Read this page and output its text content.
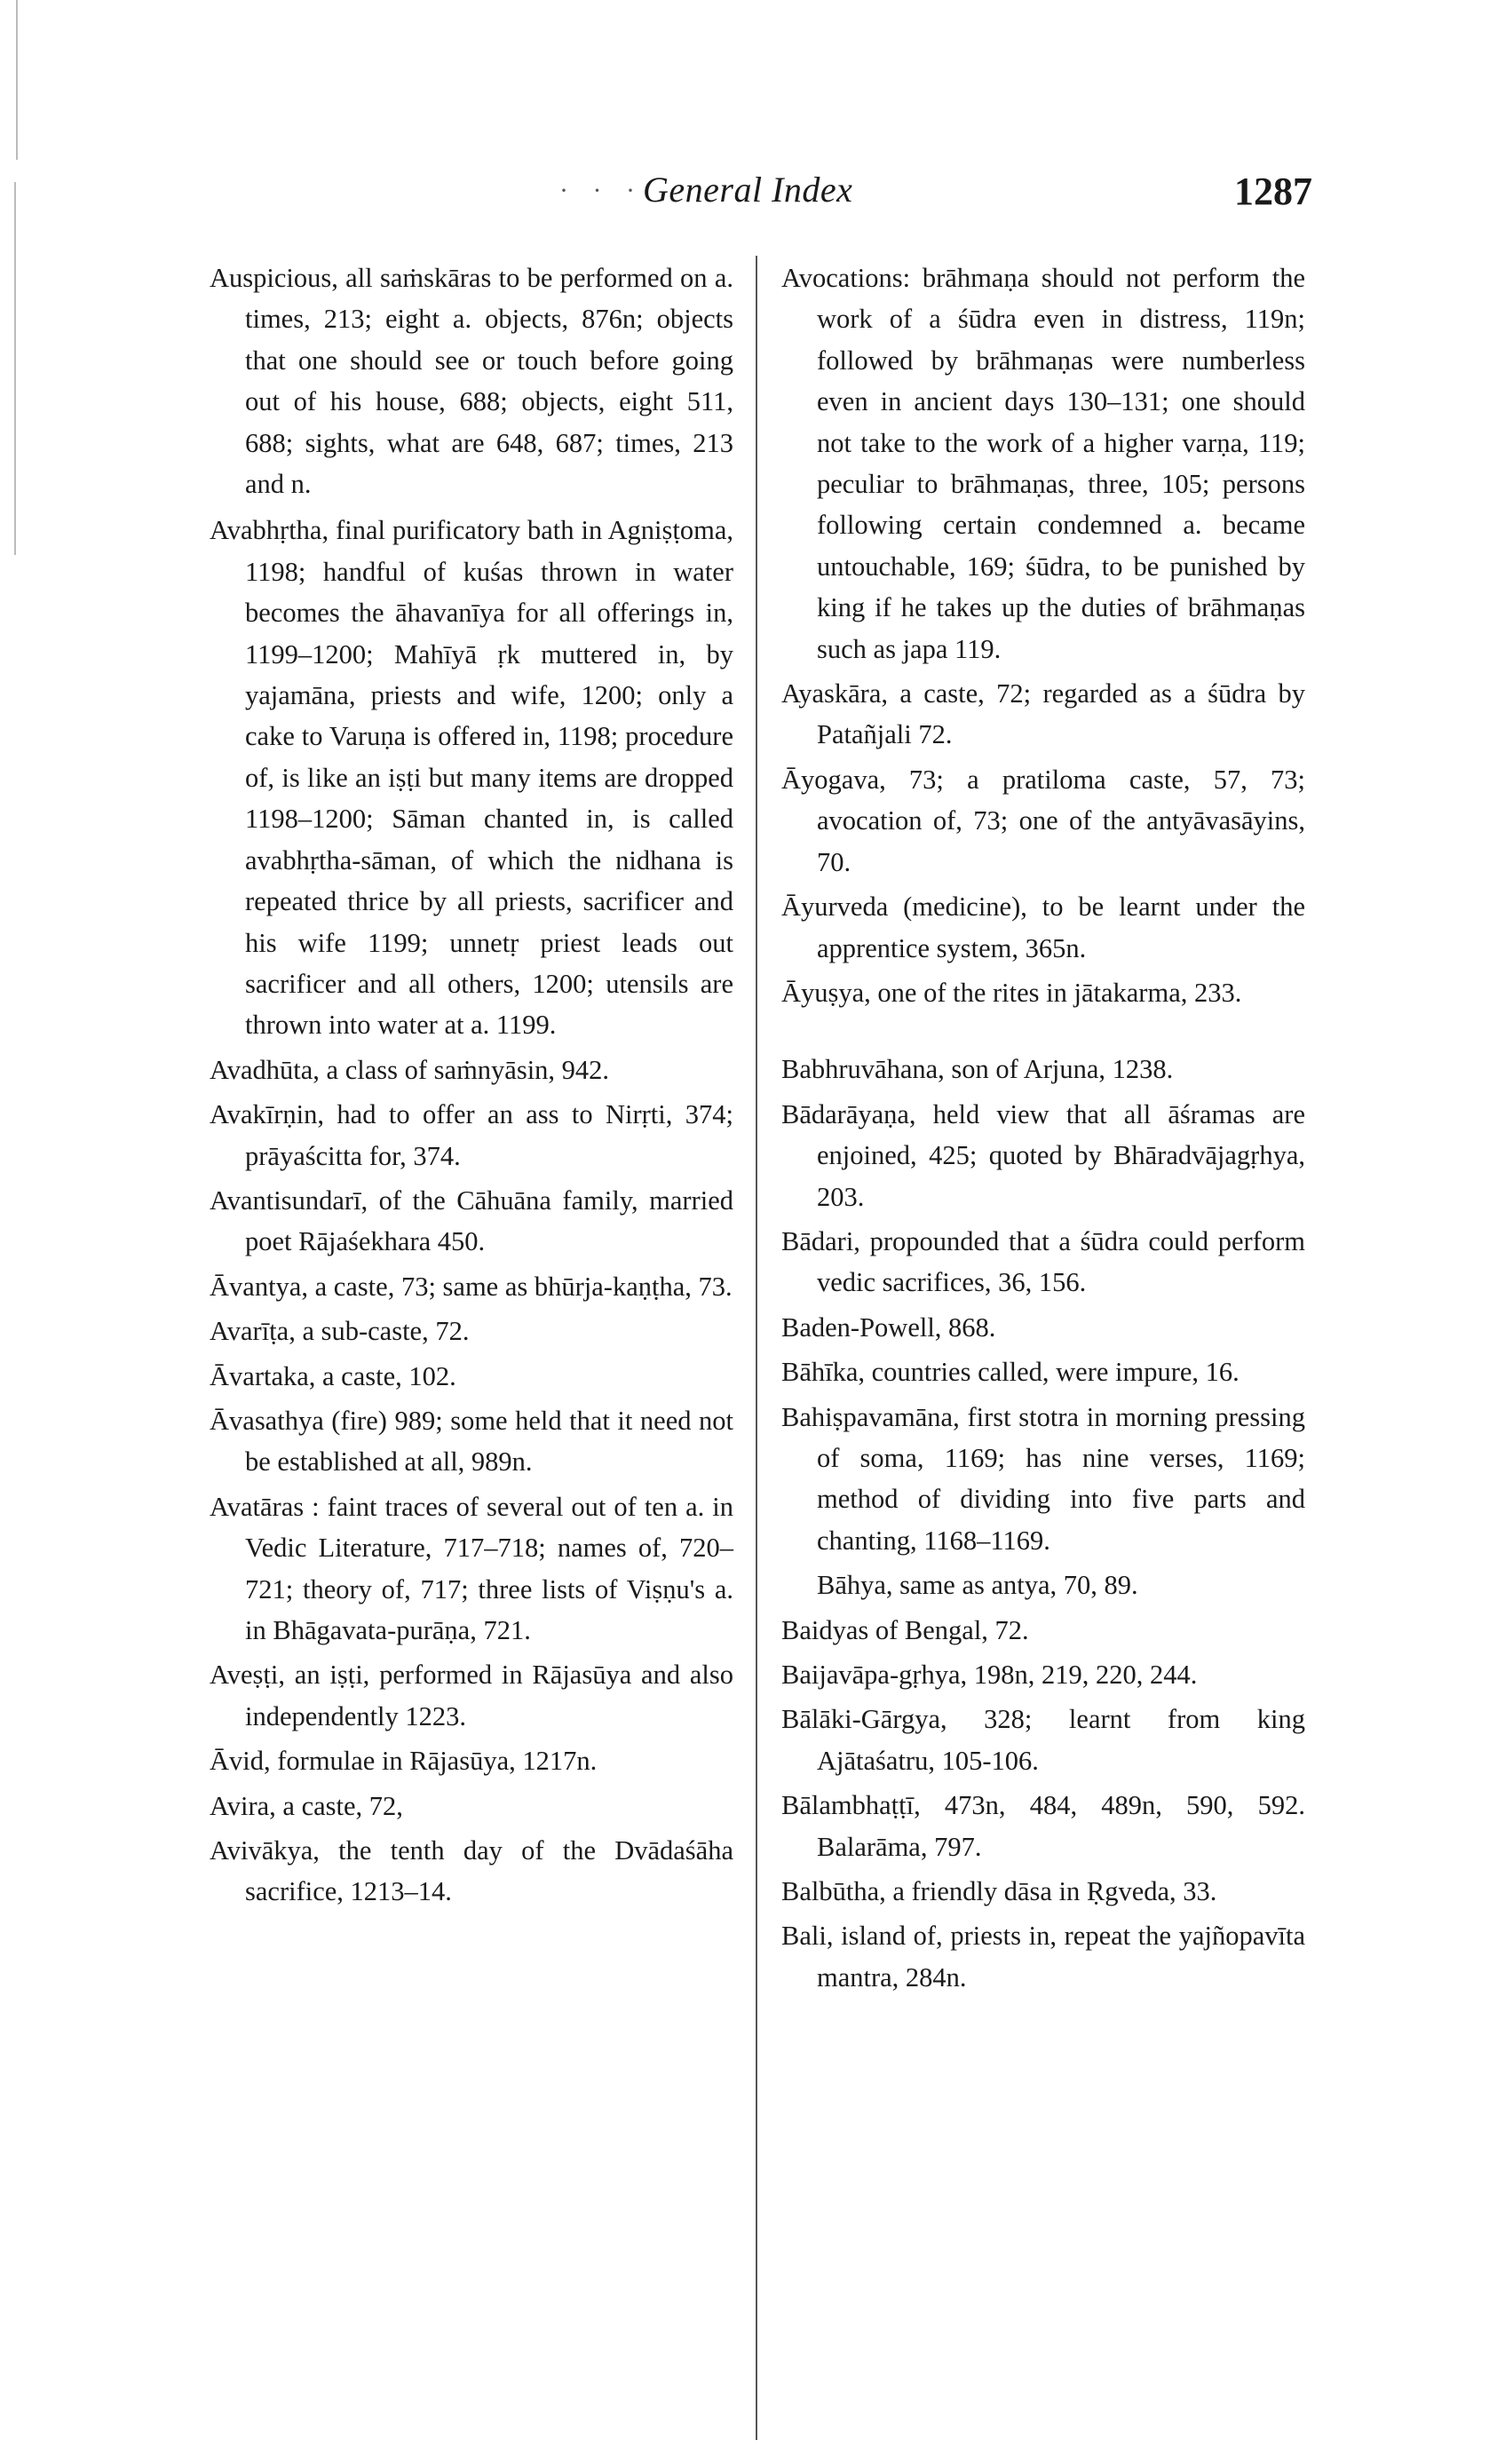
· · · General Index	1287

Auspicious, all saṁskāras to be performed on a. times, 213; eight a. objects, 876n; objects that one should see or touch before going out of his house, 688; objects, eight 511, 688; sights, what are 648, 687; times, 213 and n.

Avabhṛtha, final purificatory bath in Agniṣṭoma, 1198; handful of kuśas thrown in water becomes the āhavanīya for all offerings in, 1199–1200; Mahīyā ṛk muttered in, by yajamāna, priests and wife, 1200; only a cake to Varuṇa is offered in, 1198; procedure of, is like an iṣṭi but many items are dropped 1198–1200; Sāman chanted in, is called avabhṛtha-sāman, of which the nidhana is repeated thrice by all priests, sacrificer and his wife 1199; unnetṛ priest leads out sacrificer and all others, 1200; utensils are thrown into water at a. 1199.

Avadhūta, a class of saṁnyāsin, 942.

Avakīrṇin, had to offer an ass to Nirṛti, 374; prāyaścitta for, 374.

Avantisundarī, of the Cāhuāna family, married poet Rājaśekhara 450.

Āvantya, a caste, 73; same as bhūrja-kaṇṭha, 73.

Avarīṭa, a sub-caste, 72.

Āvartaka, a caste, 102.

Āvasathya (fire) 989; some held that it need not be established at all, 989n.

Avatāras : faint traces of several out of ten a. in Vedic Literature, 717–718; names of, 720–721; theory of, 717; three lists of Viṣṇu's a. in Bhāgavata-purāṇa, 721.

Aveṣṭi, an iṣṭi, performed in Rājasūya and also independently 1223.

Āvid, formulae in Rājasūya, 1217n.

Avira, a caste, 72,

Avivākya, the tenth day of the Dvādaśāha sacrifice, 1213–14.

Avocations: brāhmaṇa should not perform the work of a śūdra even in distress, 119n; followed by brāhmaṇas were numberless even in ancient days 130–131; one should not take to the work of a higher varṇa, 119; peculiar to brāhmaṇas, three, 105; persons following certain condemned a. became untouchable, 169; śūdra, to be punished by king if he takes up the duties of brāhmaṇas such as japa 119.

Ayaskāra, a caste, 72; regarded as a śūdra by Patañjali 72.

Āyogava, 73; a pratiloma caste, 57, 73; avocation of, 73; one of the antyāvasāyins, 70.

Āyurveda (medicine), to be learnt under the apprentice system, 365n.

Āyuṣya, one of the rites in jātakarma, 233.

Babhruvāhana, son of Arjuna, 1238.

Bādarāyaṇa, held view that all āśramas are enjoined, 425; quoted by Bhāradvājagṛhya, 203.

Bādari, propounded that a śūdra could perform vedic sacrifices, 36, 156.

Baden-Powell, 868.

Bāhīka, countries called, were impure, 16.

Bahiṣpavamāna, first stotra in morning pressing of soma, 1169; has nine verses, 1169; method of dividing into five parts and chanting, 1168–1169.

Bāhya, same as antya, 70, 89.

Baidyas of Bengal, 72.

Baijavāpa-gṛhya, 198n, 219, 220, 244.

Bālāki-Gārgya, 328; learnt from king Ajātaśatru, 105-106.

Bālambhaṭṭī, 473n, 484, 489n, 590, 592. Balarāma, 797.

Balbūtha, a friendly dāsa in Ṛgveda, 33.

Bali, island of, priests in, repeat the yajñopavīta mantra, 284n.
